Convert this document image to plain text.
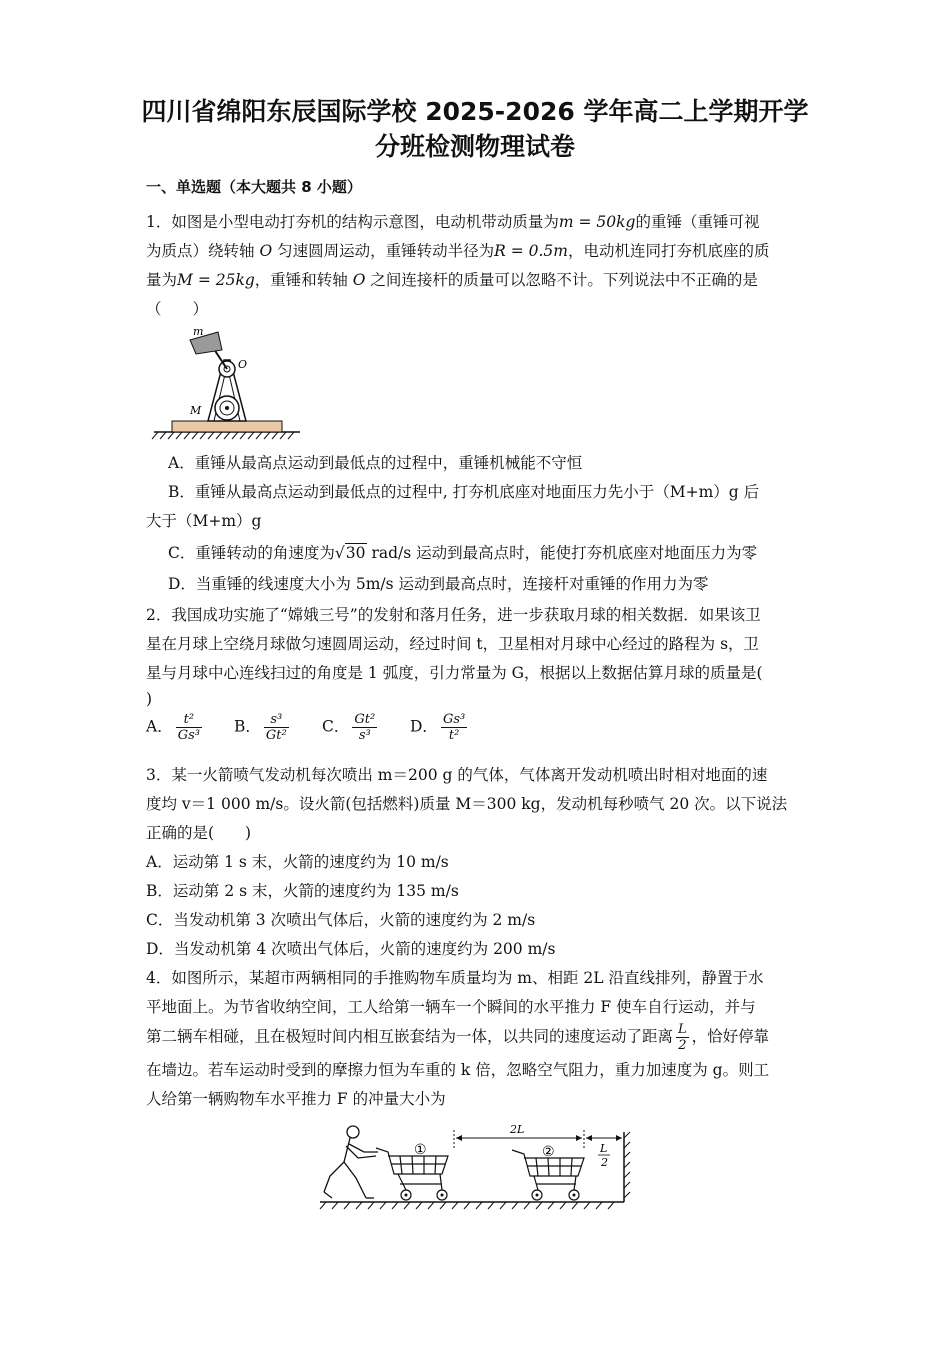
四川省绵阳东辰国际学校 2025-2026 学年高二上学期开学
分班检测物理试卷
一、单选题（本大题共 8 小题）
1．如图是小型电动打夯机的结构示意图，电动机带动质量为m = 50kg的重锤（重锤可视
为质点）绕转轴 O 匀速圆周运动，重锤转动半径为R = 0.5m，电动机连同打夯机底座的质
量为M = 25kg，重锤和转轴 O 之间连接杆的质量可以忽略不计。下列说法中不正确的是
（　　）
m
O
M
A．重锤从最高点运动到最低点的过程中，重锤机械能不守恒
B．重锤从最高点运动到最低点的过程中, 打夯机底座对地面压力先小于（M+m）g 后
大于（M+m）g
C．重锤转动的角速度为√30 rad/s 运动到最高点时，能使打夯机底座对地面压力为零
D．当重锤的线速度大小为 5m/s 运动到最高点时，连接杆对重锤的作用力为零
2．我国成功实施了“嫦娥三号”的发射和落月任务，进一步获取月球的相关数据．如果该卫
星在月球上空绕月球做匀速圆周运动，经过时间 t，卫星相对月球中心经过的路程为 s，卫
星与月球中心连线扫过的角度是 1 弧度，引力常量为 G，根据以上数据估算月球的质量是(
)
A． $\frac{\text{t²}}{\text{Gs³}}$ B． $\frac{\text{s³}}{\text{Gt²}}$ C． $\frac{\text{Gt²}}{\text{s³}}$ D． $\frac{\text{Gs³}}{\text{t²}}$
3．某一火箭喷气发动机每次喷出 m＝200 g 的气体，气体离开发动机喷出时相对地面的速
度均 v＝1 000 m/s。设火箭(包括燃料)质量 M＝300 kg，发动机每秒喷气 20 次。以下说法
正确的是(　　)
A．运动第 1 s 末，火箭的速度约为 10 m/s
B．运动第 2 s 末，火箭的速度约为 135 m/s
C．当发动机第 3 次喷出气体后，火箭的速度约为 2 m/s
D．当发动机第 4 次喷出气体后，火箭的速度约为 200 m/s
4．如图所示，某超市两辆相同的手推购物车质量均为 m、相距 2L 沿直线排列，静置于水
平地面上。为节省收纳空间，工人给第一辆车一个瞬间的水平推力 F 使车自行运动，并与
第二辆车相碰，且在极短时间内相互嵌套结为一体，以共同的速度运动了距离 $\frac{L}{2}$ ，恰好停靠
在墙边。若车运动时受到的摩擦力恒为车重的 k 倍，忽略空气阻力，重力加速度为 g。则工
人给第一辆购物车水平推力 F 的冲量大小为
①	②
2L
L
2
